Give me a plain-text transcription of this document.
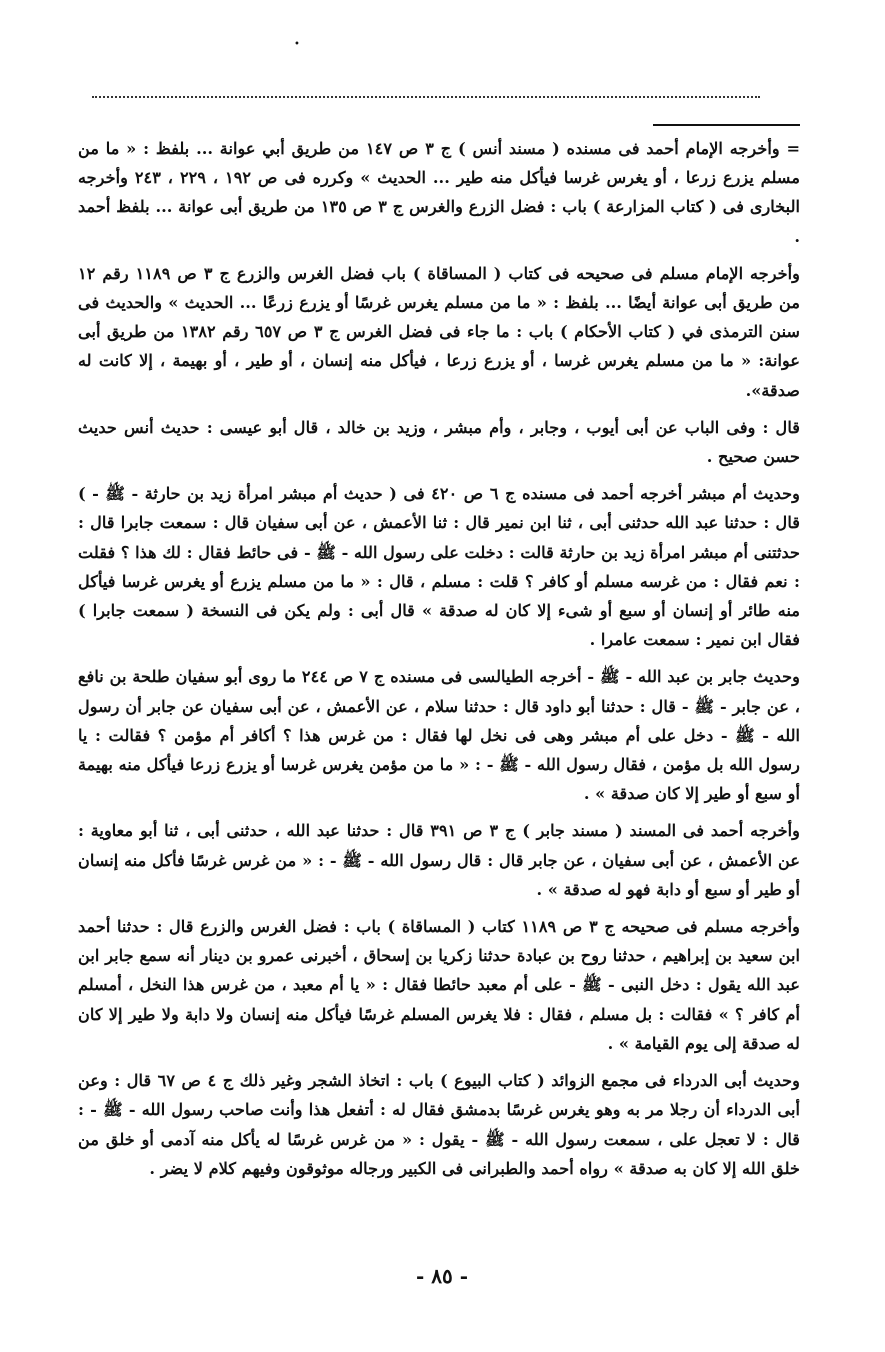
•

= وأخرجه الإمام أحمد فى مسنده ( مسند أنس ) ج ٣ ص ١٤٧ من طريق أبي عوانة ... بلفظ : « ما من مسلم يزرع زرعا ، أو يغرس غرسا فيأكل منه طير ... الحديث » وكرره فى ص ١٩٢ ، ٢٢٩ ، ٢٤٣ وأخرجه البخارى فى ( كتاب المزارعة ) باب : فضل الزرع والغرس ج ٣ ص ١٣٥ من طريق أبى عوانة ... بلفظ أحمد .

وأخرجه الإمام مسلم فى صحيحه فى كتاب ( المساقاة ) باب فضل الغرس والزرع ج ٣ ص ١١٨٩ رقم ١٢ من طريق أبى عوانة أيضًا ... بلفظ : « ما من مسلم يغرس غرسًا أو يزرع زرعًا ... الحديث » والحديث فى سنن الترمذى في ( كتاب الأحكام ) باب : ما جاء فى فضل الغرس ج ٣ ص ٦٥٧ رقم ١٣٨٢ من طريق أبى عوانة: « ما من مسلم يغرس غرسا ، أو يزرع زرعا ، فيأكل منه إنسان ، أو طير ، أو بهيمة ، إلا كانت له صدقة».

قال : وفى الباب عن أبى أيوب ، وجابر ، وأم مبشر ، وزيد بن خالد ، قال أبو عيسى : حديث أنس حديث حسن صحيح .

وحديث أم مبشر أخرجه أحمد فى مسنده ج ٦ ص ٤٢٠ فى ( حديث أم مبشر امرأة زيد بن حارثة - ﷺ - ) قال : حدثنا عبد الله حدثنى أبى ، ثنا ابن نمير قال : ثنا الأعمش ، عن أبى سفيان قال : سمعت جابرا قال : حدثتنى أم مبشر امرأة زيد بن حارثة قالت : دخلت على رسول الله - ﷺ - فى حائط فقال : لك هذا ؟ فقلت : نعم فقال : من غرسه مسلم أو كافر ؟ قلت : مسلم ، قال : « ما من مسلم يزرع أو يغرس غرسا فيأكل منه طائر أو إنسان أو سبع أو شىء إلا كان له صدقة » قال أبى : ولم يكن فى النسخة ( سمعت جابرا ) فقال ابن نمير : سمعت عامرا .

وحديث جابر بن عبد الله - ﷺ - أخرجه الطيالسى فى مسنده ج ٧ ص ٢٤٤ ما روى أبو سفيان طلحة بن نافع ، عن جابر - ﷺ - قال : حدثنا أبو داود قال : حدثنا سلام ، عن الأعمش ، عن أبى سفيان عن جابر أن رسول الله - ﷺ - دخل على أم مبشر وهى فى نخل لها فقال : من غرس هذا ؟ أكافر أم مؤمن ؟ فقالت : يا رسول الله بل مؤمن ، فقال رسول الله - ﷺ - : « ما من مؤمن يغرس غرسا أو يزرع زرعا فيأكل منه بهيمة أو سبع أو طير إلا كان صدقة » .

وأخرجه أحمد فى المسند ( مسند جابر ) ج ٣ ص ٣٩١ قال : حدثنا عبد الله ، حدثنى أبى ، ثنا أبو معاوية : عن الأعمش ، عن أبى سفيان ، عن جابر قال : قال رسول الله - ﷺ - : « من غرس غرسًا فأكل منه إنسان أو طير أو سبع أو دابة فهو له صدقة » .

وأخرجه مسلم فى صحيحه ج ٣ ص ١١٨٩ كتاب ( المساقاة ) باب : فضل الغرس والزرع قال : حدثنا أحمد ابن سعيد بن إبراهيم ، حدثنا روح بن عبادة حدثنا زكريا بن إسحاق ، أخبرنى عمرو بن دينار أنه سمع جابر ابن عبد الله يقول : دخل النبى - ﷺ - على أم معبد حائطا فقال : « يا أم معبد ، من غرس هذا النخل ، أمسلم أم كافر ؟ » فقالت : بل مسلم ، فقال : فلا يغرس المسلم غرسًا فيأكل منه إنسان ولا دابة ولا طير إلا كان له صدقة إلى يوم القيامة » .

وحديث أبى الدرداء فى مجمع الزوائد ( كتاب البيوع ) باب : اتخاذ الشجر وغير ذلك ج ٤ ص ٦٧ قال : وعن أبى الدرداء أن رجلا مر به وهو يغرس غرسًا بدمشق فقال له : أتفعل هذا وأنت صاحب رسول الله - ﷺ - : قال : لا تعجل على ، سمعت رسول الله - ﷺ - يقول : « من غرس غرسًا له يأكل منه آدمى أو خلق من خلق الله إلا كان به صدقة » رواه أحمد والطبرانى فى الكبير ورجاله موثوقون وفيهم كلام لا يضر .

- ٨٥ -
